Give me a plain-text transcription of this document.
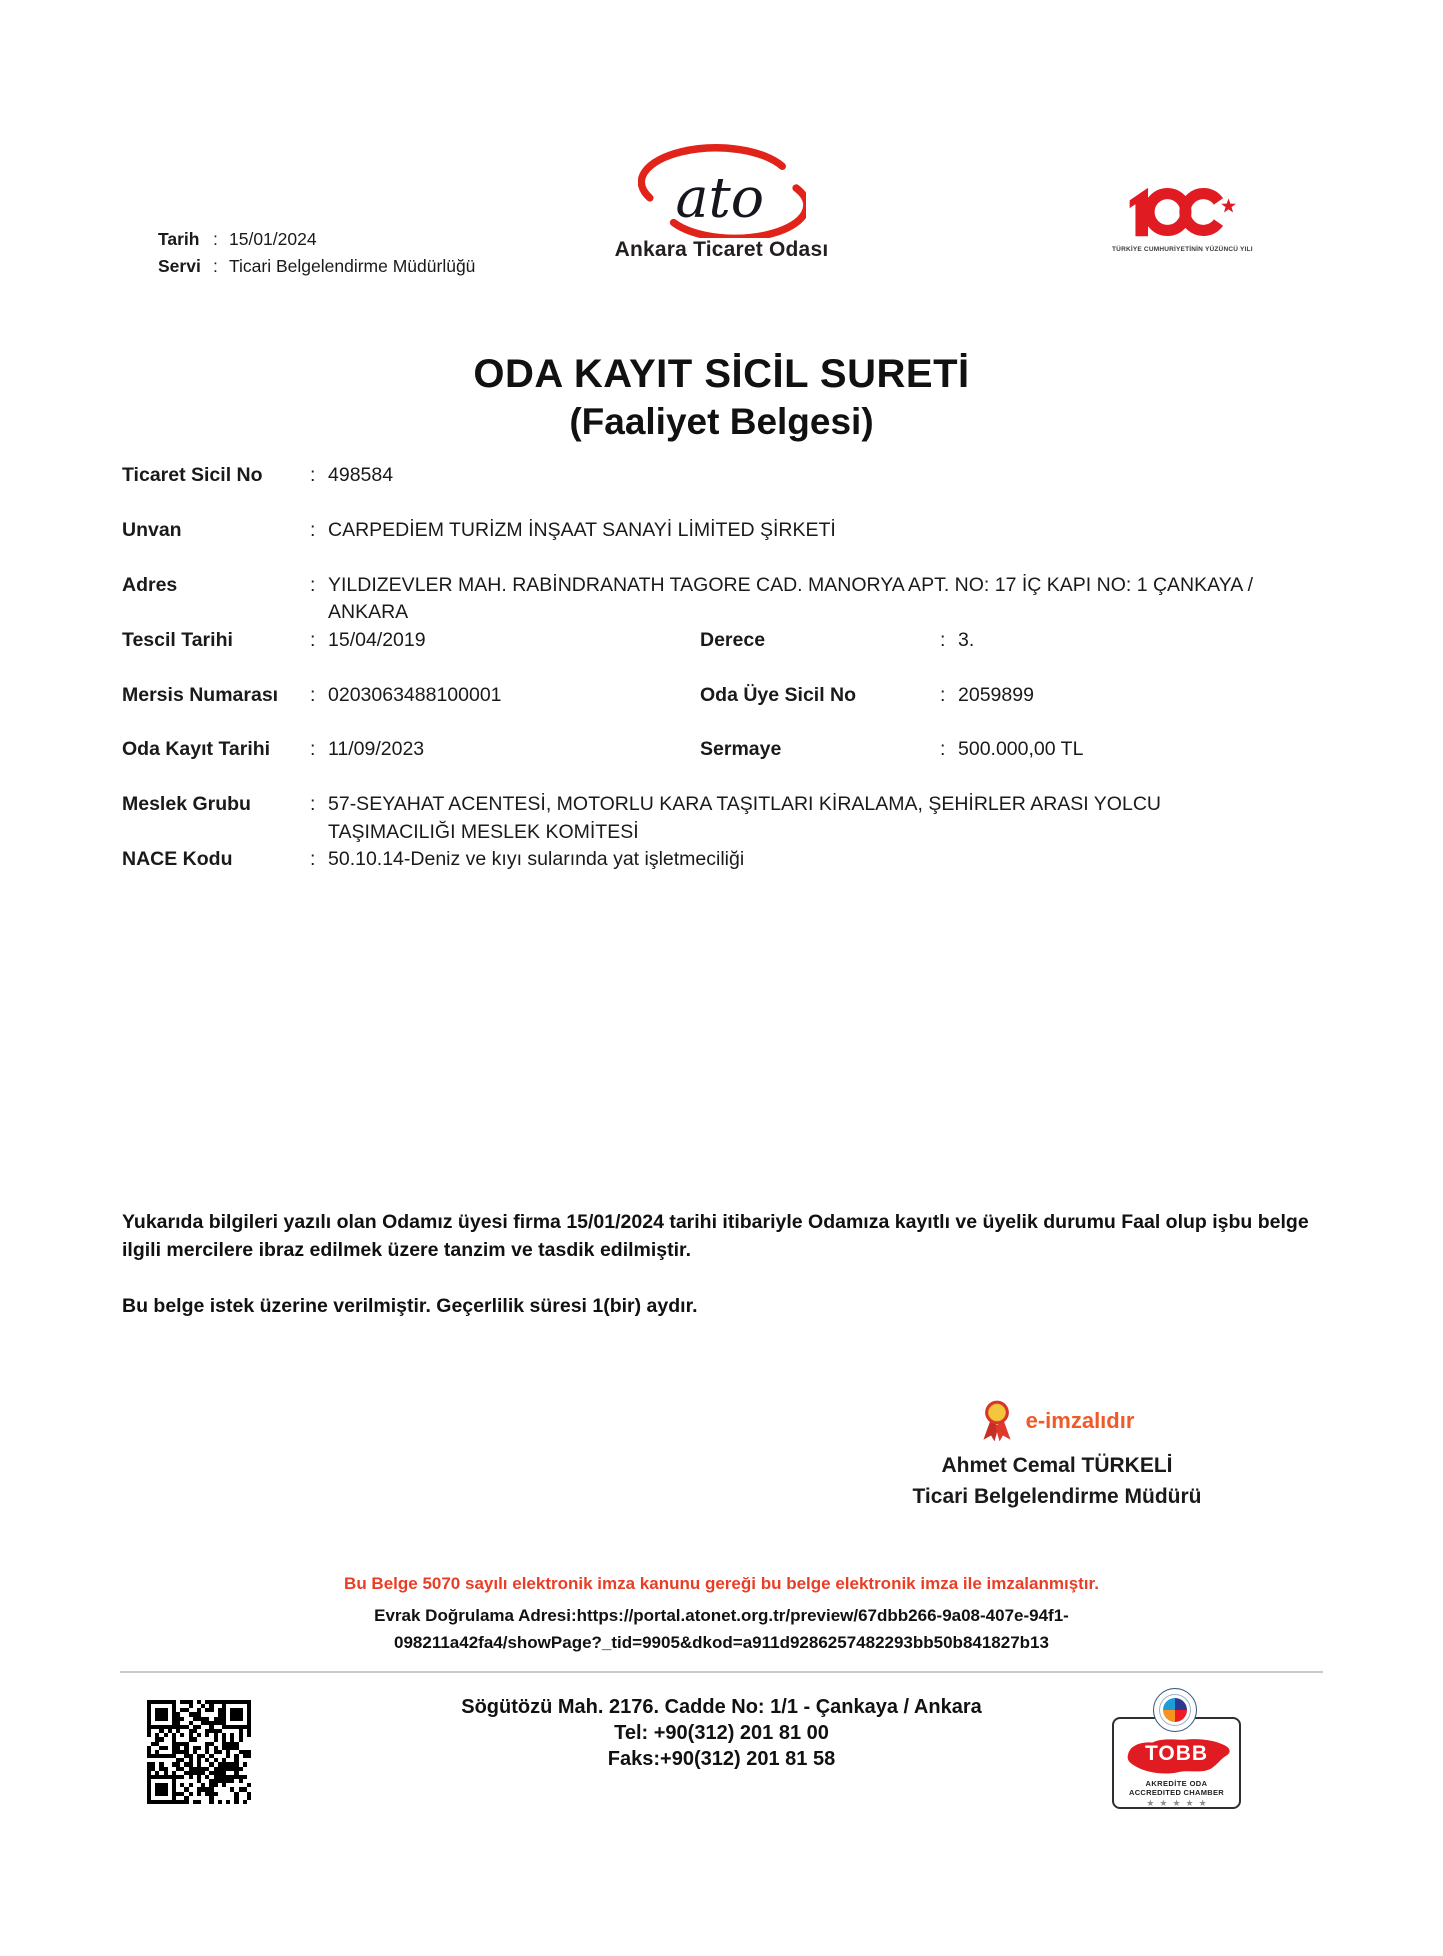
Tarih : 15/01/2024
Servi : Ticari Belgelendirme Müdürlüğü
ato
Ankara Ticaret Odası	TÜRKİYE CUMHURİYETİNİN YÜZÜNCÜ YILI
ODA KAYIT SİCİL SURETİ
(Faaliyet Belgesi)
Ticaret Sicil No	: 498584
Unvan	: CARPEDİEM TURİZM İNŞAAT SANAYİ LİMİTED ŞİRKETİ
Adres	: YILDIZEVLER MAH. RABİNDRANATH TAGORE CAD. MANORYA APT. NO: 17 İÇ KAPI NO: 1 ÇANKAYA / ANKARA
Tescil Tarihi	: 15/04/2019	Derece	: 3.
Mersis Numarası	: 0203063488100001	Oda Üye Sicil No	: 2059899
Oda Kayıt Tarihi	: 11/09/2023	Sermaye	: 500.000,00 TL
Meslek Grubu	: 57-SEYAHAT ACENTESİ, MOTORLU KARA TAŞITLARI KİRALAMA, ŞEHİRLER ARASI YOLCU TAŞIMACILIĞI MESLEK KOMİTESİ
NACE Kodu	: 50.10.14-Deniz ve kıyı sularında yat işletmeciliği

Yukarıda bilgileri yazılı olan Odamız üyesi firma 15/01/2024 tarihi itibariyle Odamıza kayıtlı ve üyelik durumu Faal olup işbu belge ilgili mercilere ibraz edilmek üzere tanzim ve tasdik edilmiştir.

Bu belge istek üzerine verilmiştir. Geçerlilik süresi 1(bir) aydır.

e-imzalıdır
Ahmet Cemal TÜRKELİ
Ticari Belgelendirme Müdürü
Bu Belge 5070 sayılı elektronik imza kanunu gereği bu belge elektronik imza ile imzalanmıştır.
Evrak Doğrulama Adresi:https://portal.atonet.org.tr/preview/67dbb266-9a08-407e-94f1-
098211a42fa4/showPage?_tid=9905&dkod=a911d9286257482293bb50b841827b13
Sögütözü Mah. 2176. Cadde No: 1/1 - Çankaya / Ankara
Tel: +90(312) 201 81 00
Faks:+90(312) 201 81 58	TOBB
AKREDİTE ODA
ACCREDITED CHAMBER
★★★★★
